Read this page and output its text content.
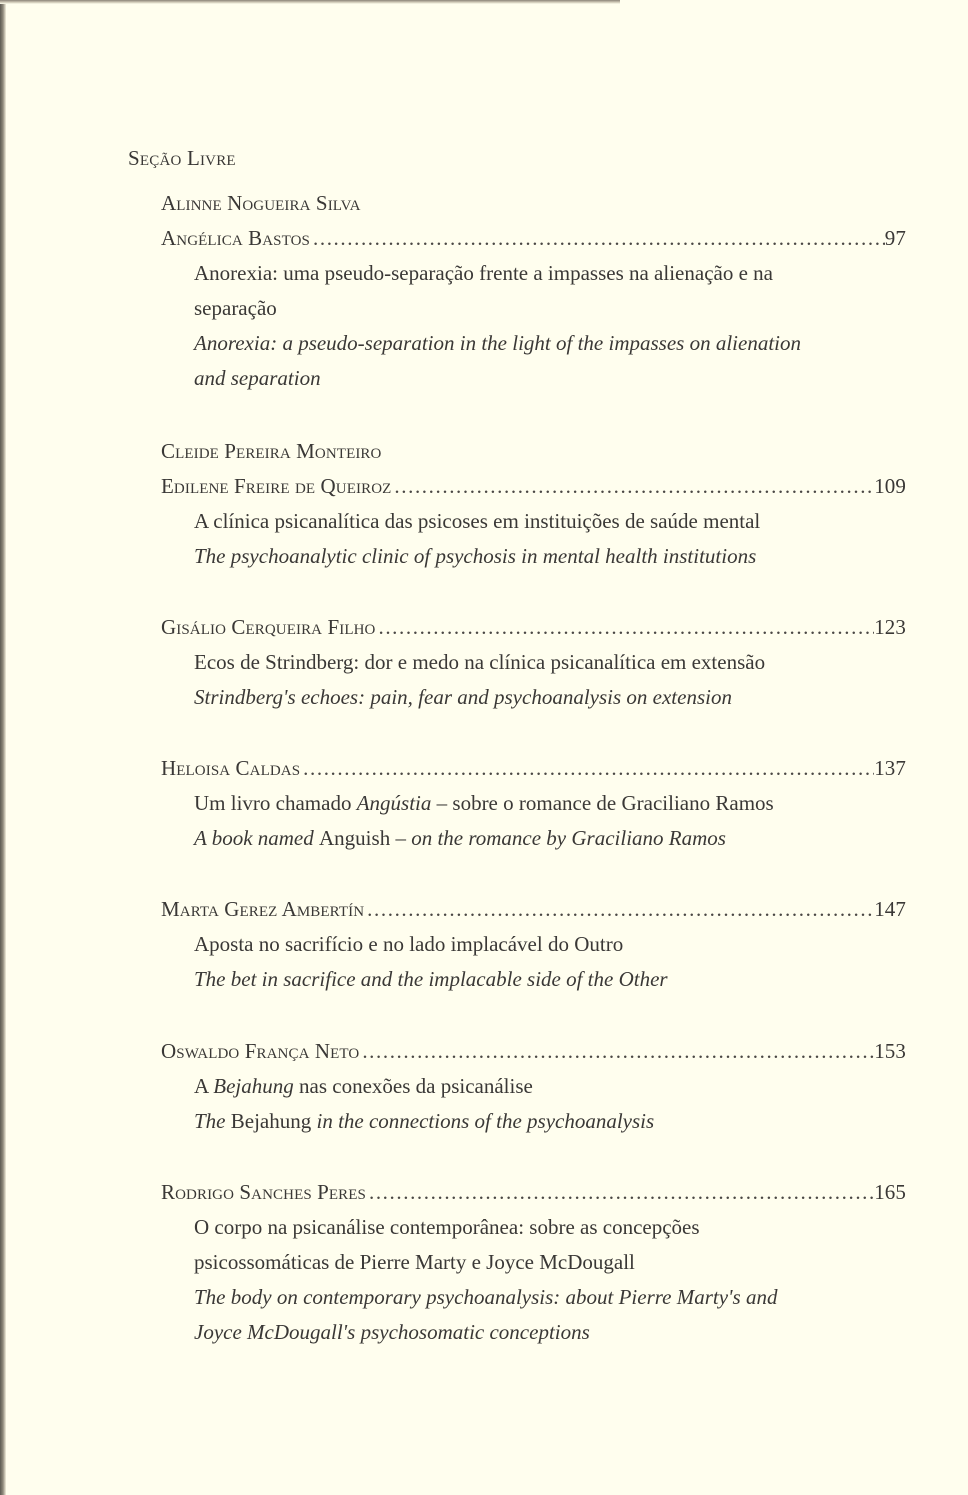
Seção Livre
Alinne Nogueira Silva
Angélica Bastos .....	97
Anorexia: uma pseudo-separação frente a impasses na alienação e na
separação
Anorexia: a pseudo-separation in the light of the impasses on alienation
and separation
Cleide Pereira Monteiro
Edilene Freire de Queiroz .....	109
A clínica psicanalítica das psicoses em instituições de saúde mental
The psychoanalytic clinic of psychosis in mental health institutions
Gisálio Cerqueira Filho .....	123
Ecos de Strindberg: dor e medo na clínica psicanalítica em extensão
Strindberg's echoes: pain, fear and psychoanalysis on extension
Heloisa Caldas .....	137
Um livro chamado Angústia – sobre o romance de Graciliano Ramos
A book named Anguish – on the romance by Graciliano Ramos
Marta Gerez Ambertín .....	147
Aposta no sacrifício e no lado implacável do Outro
The bet in sacrifice and the implacable side of the Other
Oswaldo França Neto .....	153
A Bejahung nas conexões da psicanálise
The Bejahung in the connections of the psychoanalysis
Rodrigo Sanches Peres .....	165
O corpo na psicanálise contemporânea: sobre as concepções
psicossomáticas de Pierre Marty e Joyce McDougall
The body on contemporary psychoanalysis: about Pierre Marty's and
Joyce McDougall's psychosomatic conceptions
